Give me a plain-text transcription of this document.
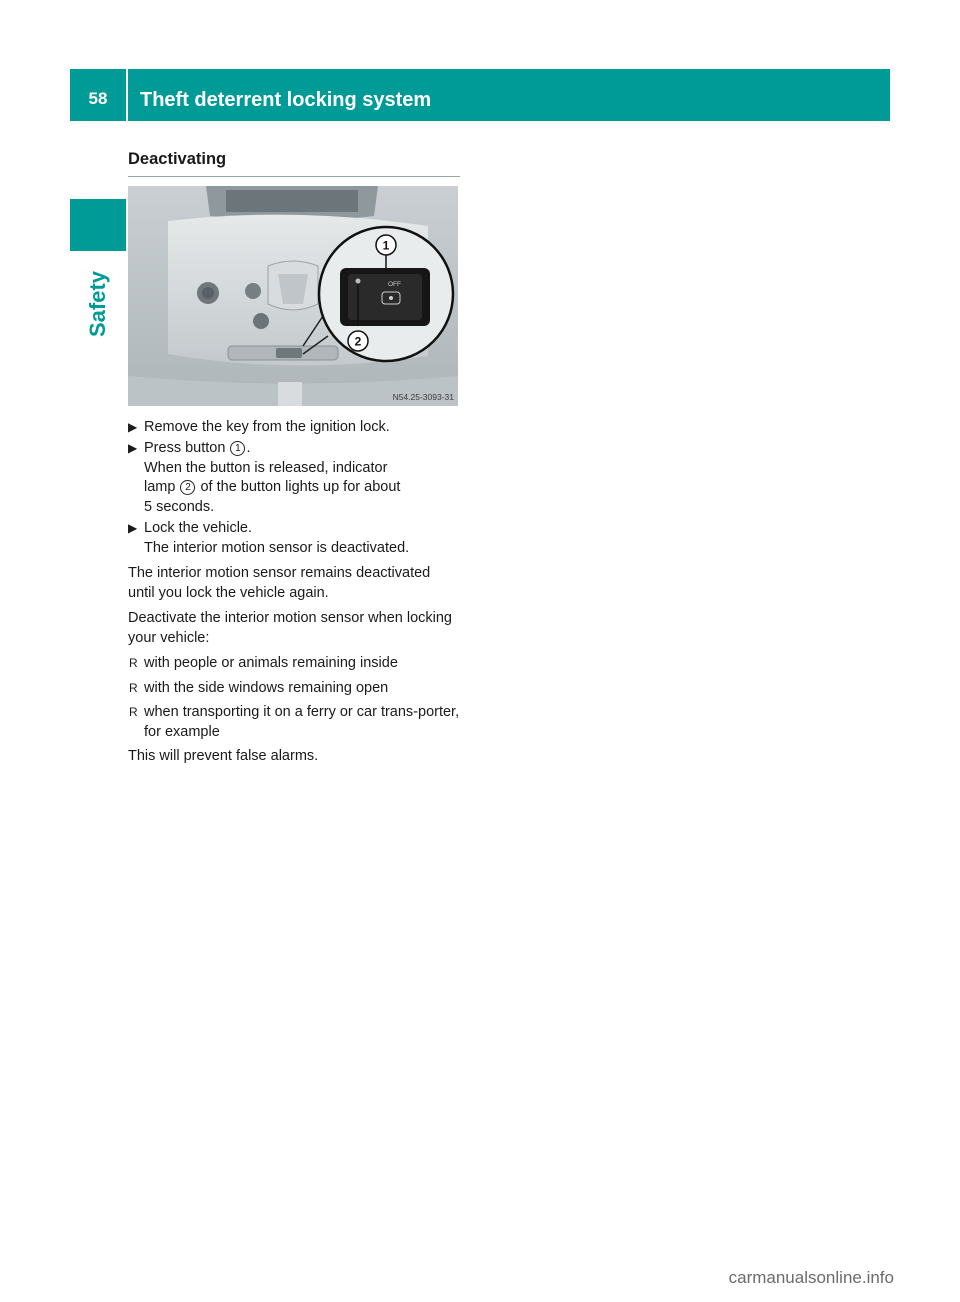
58	Theft deterrent locking system
Safety
Deactivating
OFF
1
2
N54.25-3093-31
▶ Remove the key from the ignition lock.
▶ Press button 1 .
When the button is released, indicator
lamp 2 of the button lights up for about
5 seconds.
▶ Lock the vehicle.
The interior motion sensor is deactivated.

The interior motion sensor remains deactivated until you lock the vehicle again.

Deactivate the interior motion sensor when locking your vehicle:

R with people or animals remaining inside
R with the side windows remaining open
R when transporting it on a ferry or car trans-porter, for example

This will prevent false alarms.

carmanualsonline.info
